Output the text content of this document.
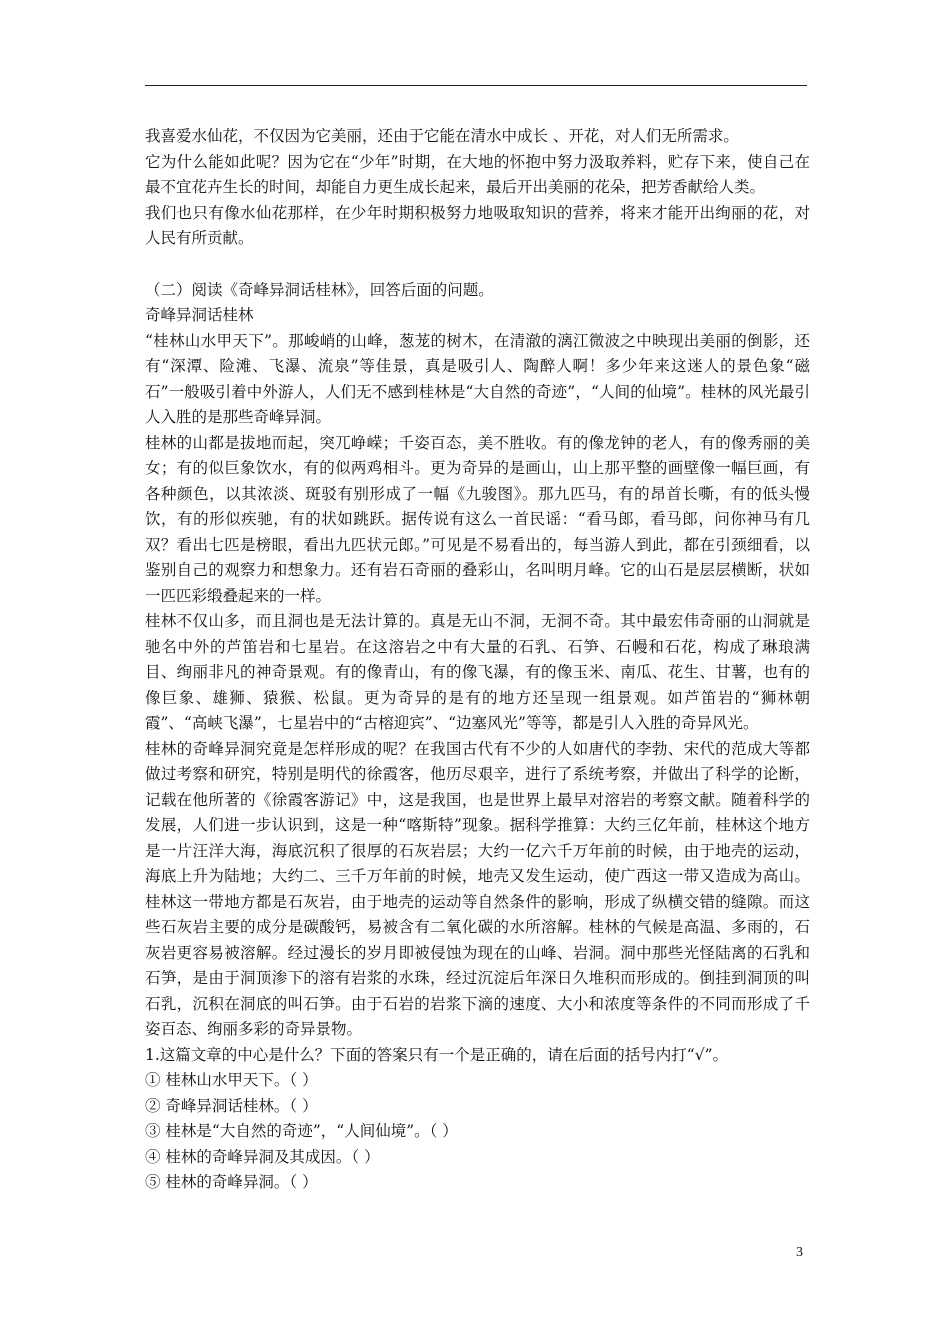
我喜爱水仙花，不仅因为它美丽，还由于它能在清水中成长 、开花，对人们无所需求。

它为什么能如此呢？因为它在“少年”时期，在大地的怀抱中努力汲取养料，贮存下来，使自己在最不宜花卉生长的时间，却能自力更生成长起来，最后开出美丽的花朵，把芳香献给人类。

我们也只有像水仙花那样，在少年时期积极努力地吸取知识的营养，将来才能开出绚丽的花，对人民有所贡献。

（二）阅读《奇峰异洞话桂林》，回答后面的问题。

奇峰异洞话桂林

“桂林山水甲天下”。那峻峭的山峰，葱茏的树木，在清澈的漓江微波之中映现出美丽的倒影，还有“深潭、险滩、飞瀑、流泉”等佳景，真是吸引人、陶醉人啊！多少年来这迷人的景色象“磁石”一般吸引着中外游人，人们无不感到桂林是“大自然的奇迹”，“人间的仙境”。桂林的风光最引人入胜的是那些奇峰异洞。

桂林的山都是拔地而起，突兀峥嵘；千姿百态，美不胜收。有的像龙钟的老人，有的像秀丽的美女；有的似巨象饮水，有的似两鸡相斗。更为奇异的是画山，山上那平整的画壁像一幅巨画，有各种颜色，以其浓淡、斑驳有别形成了一幅《九骏图》。那九匹马，有的昂首长嘶，有的低头慢饮，有的形似疾驰，有的状如跳跃。据传说有这么一首民谣：“看马郎，看马郎，问你神马有几双？看出七匹是榜眼，看出九匹状元郎。”可见是不易看出的，每当游人到此，都在引颈细看，以鉴别自己的观察力和想象力。还有岩石奇丽的叠彩山，名叫明月峰。它的山石是层层横断，状如一匹匹彩缎叠起来的一样。

桂林不仅山多，而且洞也是无法计算的。真是无山不洞，无洞不奇。其中最宏伟奇丽的山洞就是驰名中外的芦笛岩和七星岩。在这溶岩之中有大量的石乳、石笋、石幔和石花，构成了琳琅满目、绚丽非凡的神奇景观。有的像青山，有的像飞瀑，有的像玉米、南瓜、花生、甘薯，也有的像巨象、雄狮、猿猴、松鼠。更为奇异的是有的地方还呈现一组景观。如芦笛岩的“狮林朝霞”、“高峡飞瀑”，七星岩中的“古榕迎宾”、“边塞风光”等等，都是引人入胜的奇异风光。

桂林的奇峰异洞究竟是怎样形成的呢？在我国古代有不少的人如唐代的李勃、宋代的范成大等都做过考察和研究，特别是明代的徐霞客，他历尽艰辛，进行了系统考察，并做出了科学的论断，记载在他所著的《徐霞客游记》中，这是我国，也是世界上最早对溶岩的考察文献。随着科学的发展，人们进一步认识到，这是一种“喀斯特”现象。据科学推算：大约三亿年前，桂林这个地方是一片汪洋大海，海底沉积了很厚的石灰岩层；大约一亿六千万年前的时候，由于地壳的运动，海底上升为陆地；大约二、三千万年前的时候，地壳又发生运动，使广西这一带又造成为高山。桂林这一带地方都是石灰岩，由于地壳的运动等自然条件的影响，形成了纵横交错的缝隙。而这些石灰岩主要的成分是碳酸钙，易被含有二氧化碳的水所溶解。桂林的气候是高温、多雨的，石灰岩更容易被溶解。经过漫长的岁月即被侵蚀为现在的山峰、岩洞。洞中那些光怪陆离的石乳和石笋，是由于洞顶渗下的溶有岩浆的水珠，经过沉淀后年深日久堆积而形成的。倒挂到洞顶的叫石乳，沉积在洞底的叫石笋。由于石岩的岩浆下滴的速度、大小和浓度等条件的不同而形成了千姿百态、绚丽多彩的奇异景物。

1.这篇文章的中心是什么？下面的答案只有一个是正确的，请在后面的括号内打“√”。

① 桂林山水甲天下。（ ）

② 奇峰异洞话桂林。（ ）

③ 桂林是“大自然的奇迹”，“人间仙境”。（ ）

④ 桂林的奇峰异洞及其成因。（ ）

⑤ 桂林的奇峰异洞。（ ）

3
